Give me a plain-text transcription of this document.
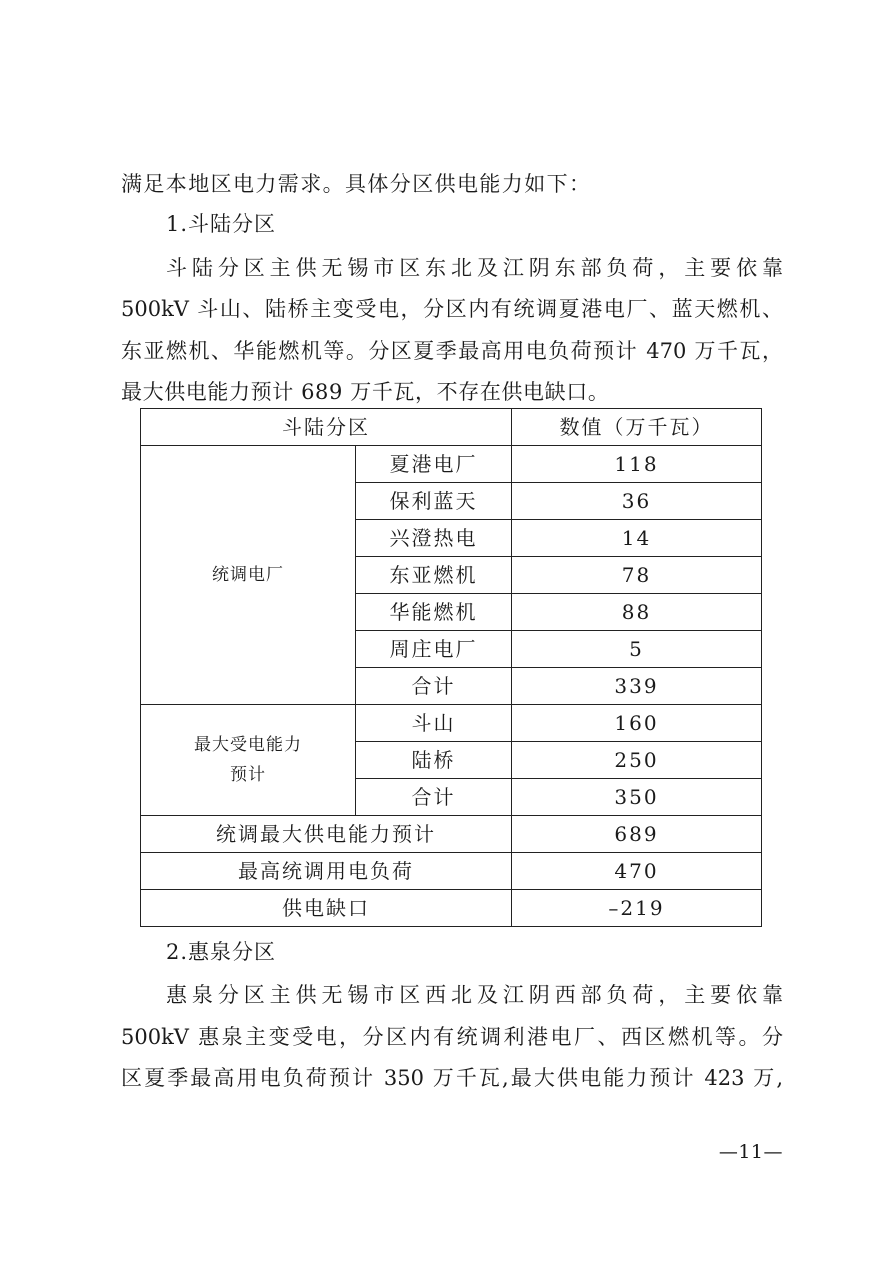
满足本地区电力需求。具体分区供电能力如下：
1.斗陆分区
斗陆分区主供无锡市区东北及江阴东部负荷，主要依靠
500kV 斗山、陆桥主变受电，分区内有统调夏港电厂、蓝天燃机、
东亚燃机、华能燃机等。分区夏季最高用电负荷预计 470 万千瓦，
最大供电能力预计 689 万千瓦，不存在供电缺口。
斗陆分区		数值（万千瓦）
统调电厂	夏港电厂	118
	保利蓝天	36
	兴澄热电	14
	东亚燃机	78
	华能燃机	88
	周庄电厂	5
	合计	339

最大受电能力
预计	斗山	160
	陆桥	250
	合计	350
统调最大供电能力预计		689
最高统调用电负荷		470
供电缺口		–219
2.惠泉分区
惠泉分区主供无锡市区西北及江阴西部负荷，主要依靠
500kV 惠泉主变受电，分区内有统调利港电厂、西区燃机等。分
区夏季最高用电负荷预计 350 万千瓦,最大供电能力预计 423 万,
—11—
